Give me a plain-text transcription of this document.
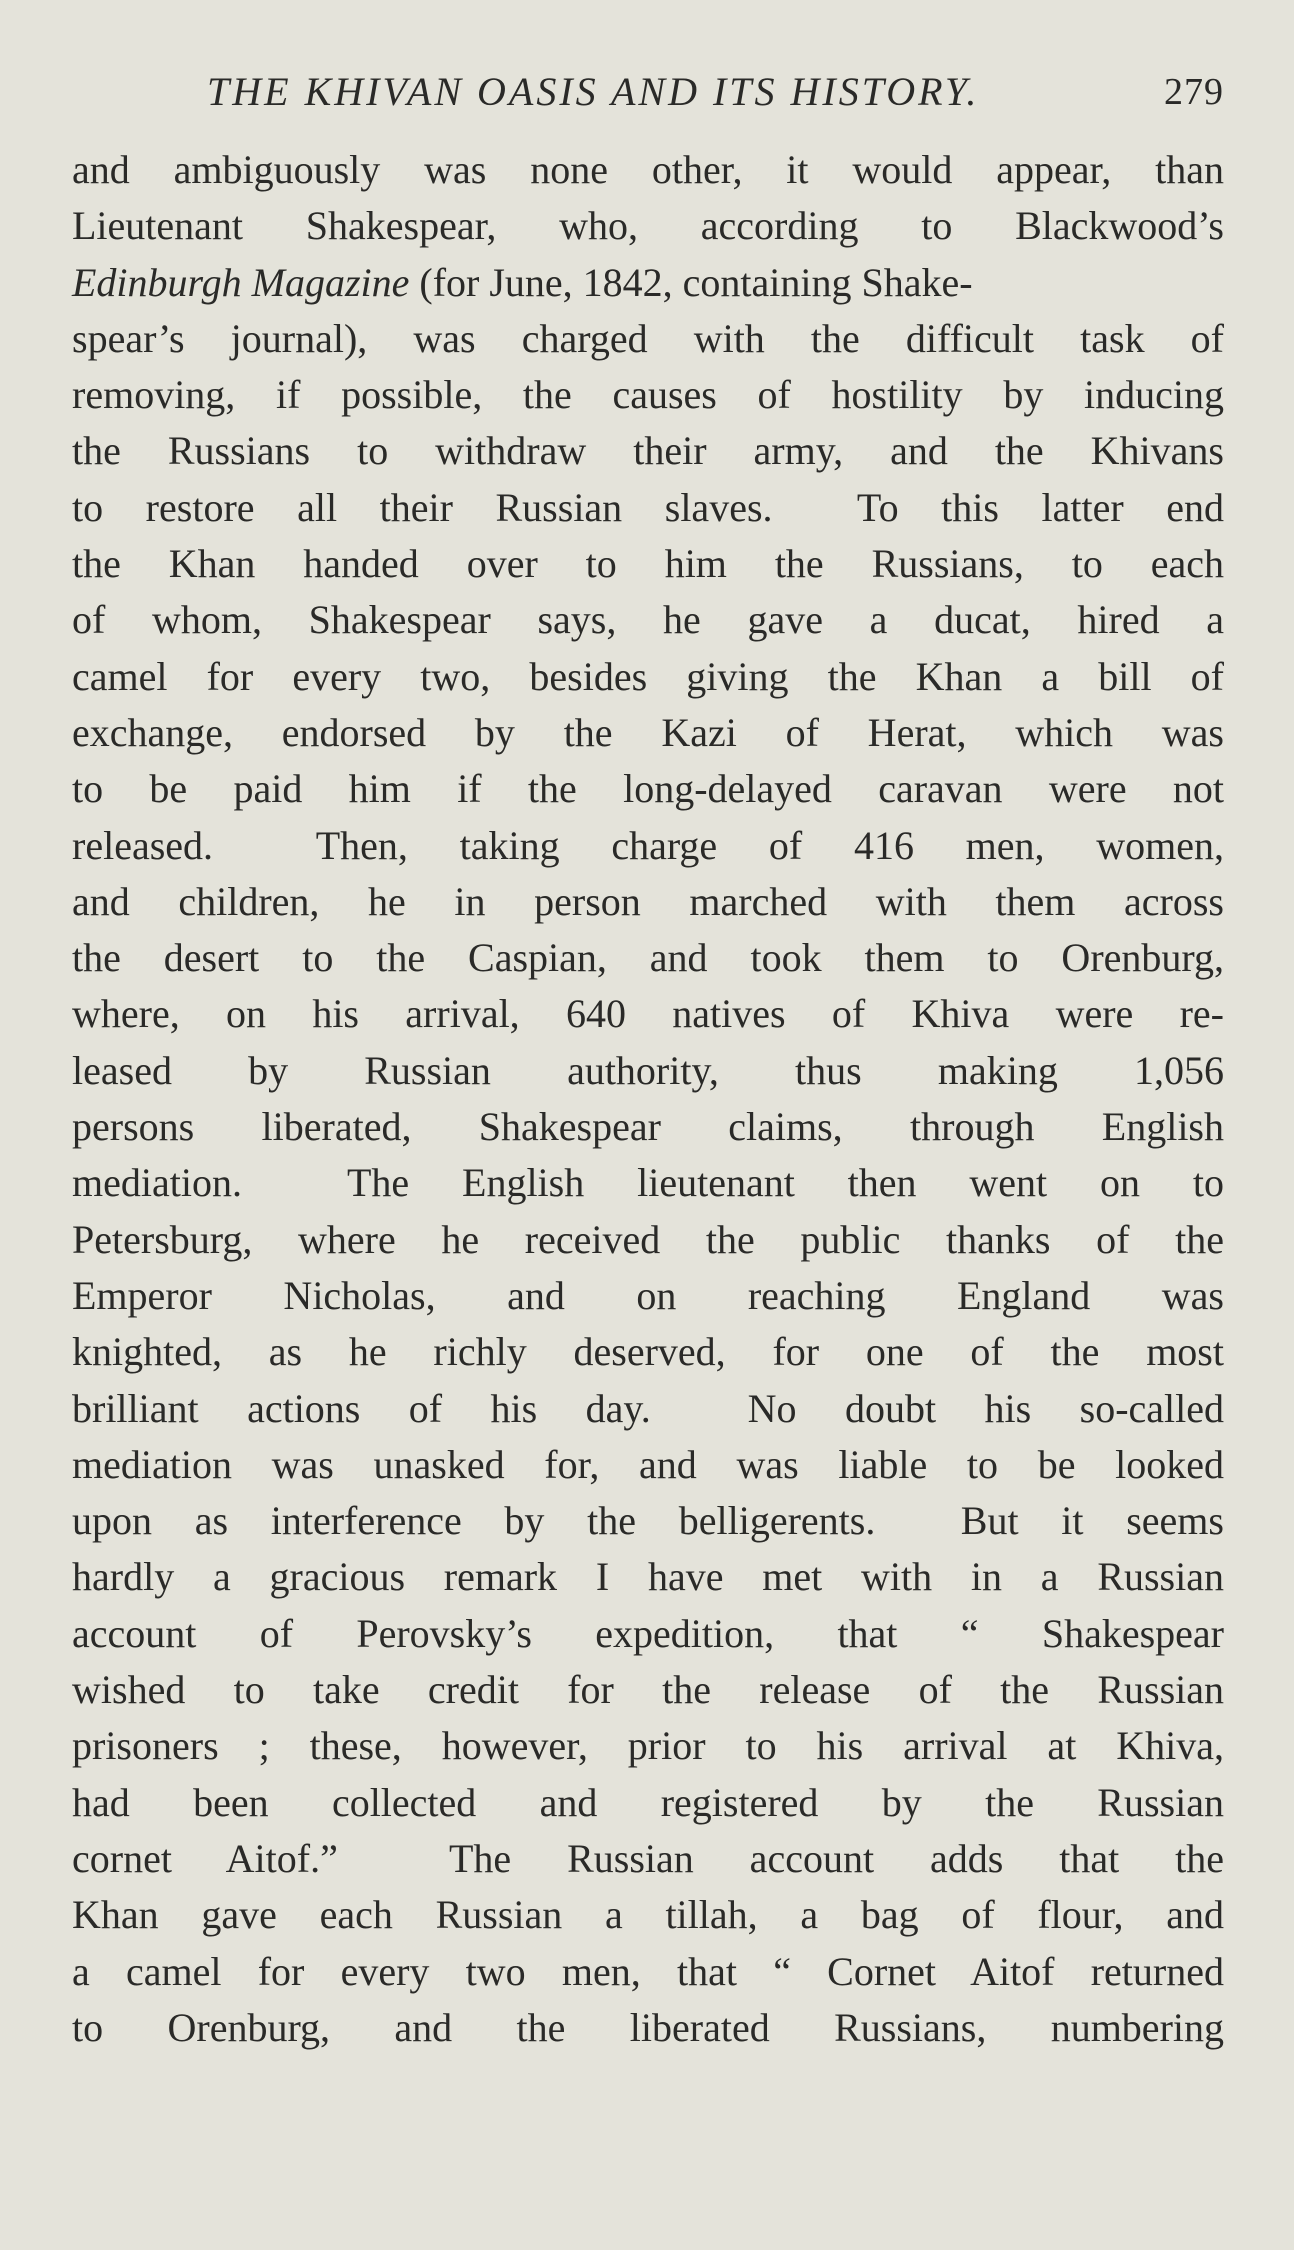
THE KHIVAN OASIS AND ITS HISTORY.	279
and ambiguously was none other, it would appear, than
Lieutenant Shakespear, who, according to Blackwood’s
Edinburgh Magazine (for June, 1842, containing Shake-
spear’s journal), was charged with the difficult task of
removing, if possible, the causes of hostility by inducing
the Russians to withdraw their army, and the Khivans
to restore all their Russian slaves.  To this latter end
the Khan handed over to him the Russians, to each
of whom, Shakespear says, he gave a ducat, hired a
camel for every two, besides giving the Khan a bill of
exchange, endorsed by the Kazi of Herat, which was
to be paid him if the long-delayed caravan were not
released.  Then, taking charge of 416 men, women,
and children, he in person marched with them across
the desert to the Caspian, and took them to Orenburg,
where, on his arrival, 640 natives of Khiva were re-
leased by Russian authority, thus making 1,056
persons liberated, Shakespear claims, through English
mediation.  The English lieutenant then went on to
Petersburg, where he received the public thanks of the
Emperor Nicholas, and on reaching England was
knighted, as he richly deserved, for one of the most
brilliant actions of his day.  No doubt his so-called
mediation was unasked for, and was liable to be looked
upon as interference by the belligerents.  But it seems
hardly a gracious remark I have met with in a Russian
account of Perovsky’s expedition, that “ Shakespear
wished to take credit for the release of the Russian
prisoners ; these, however, prior to his arrival at Khiva,
had been collected and registered by the Russian
cornet Aitof.”  The Russian account adds that the
Khan gave each Russian a tillah, a bag of flour, and
a camel for every two men, that “ Cornet Aitof returned
to Orenburg, and the liberated Russians, numbering
